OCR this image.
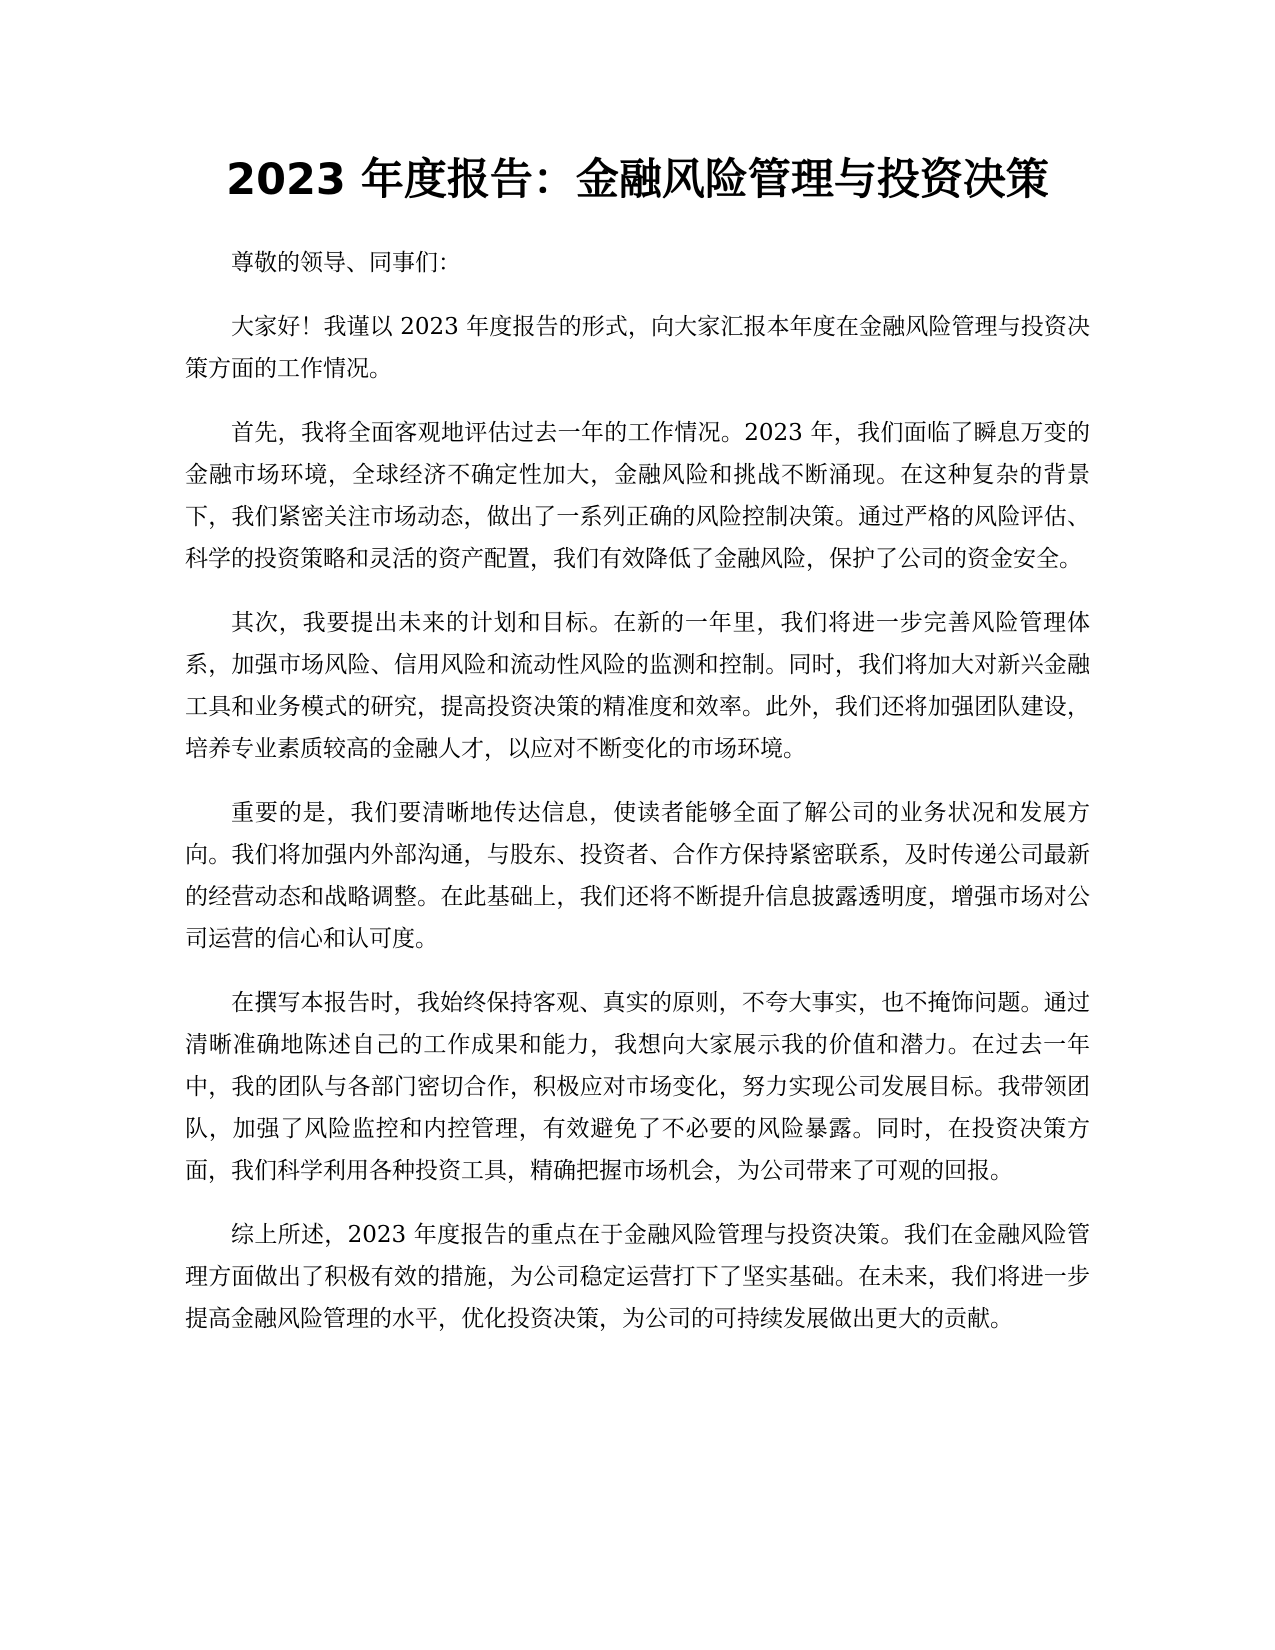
2023 年度报告：金融风险管理与投资决策

尊敬的领导、同事们：

大家好！我谨以 2023 年度报告的形式，向大家汇报本年度在金融风险管理与投资决策方面的工作情况。

首先，我将全面客观地评估过去一年的工作情况。2023 年，我们面临了瞬息万变的金融市场环境，全球经济不确定性加大，金融风险和挑战不断涌现。在这种复杂的背景下，我们紧密关注市场动态，做出了一系列正确的风险控制决策。通过严格的风险评估、科学的投资策略和灵活的资产配置，我们有效降低了金融风险，保护了公司的资金安全。

其次，我要提出未来的计划和目标。在新的一年里，我们将进一步完善风险管理体系，加强市场风险、信用风险和流动性风险的监测和控制。同时，我们将加大对新兴金融工具和业务模式的研究，提高投资决策的精准度和效率。此外，我们还将加强团队建设，培养专业素质较高的金融人才，以应对不断变化的市场环境。

重要的是，我们要清晰地传达信息，使读者能够全面了解公司的业务状况和发展方向。我们将加强内外部沟通，与股东、投资者、合作方保持紧密联系，及时传递公司最新的经营动态和战略调整。在此基础上，我们还将不断提升信息披露透明度，增强市场对公司运营的信心和认可度。

在撰写本报告时，我始终保持客观、真实的原则，不夸大事实，也不掩饰问题。通过清晰准确地陈述自己的工作成果和能力，我想向大家展示我的价值和潜力。在过去一年中，我的团队与各部门密切合作，积极应对市场变化，努力实现公司发展目标。我带领团队，加强了风险监控和内控管理，有效避免了不必要的风险暴露。同时，在投资决策方面，我们科学利用各种投资工具，精确把握市场机会，为公司带来了可观的回报。

综上所述，2023 年度报告的重点在于金融风险管理与投资决策。我们在金融风险管理方面做出了积极有效的措施，为公司稳定运营打下了坚实基础。在未来，我们将进一步提高金融风险管理的水平，优化投资决策，为公司的可持续发展做出更大的贡献。
